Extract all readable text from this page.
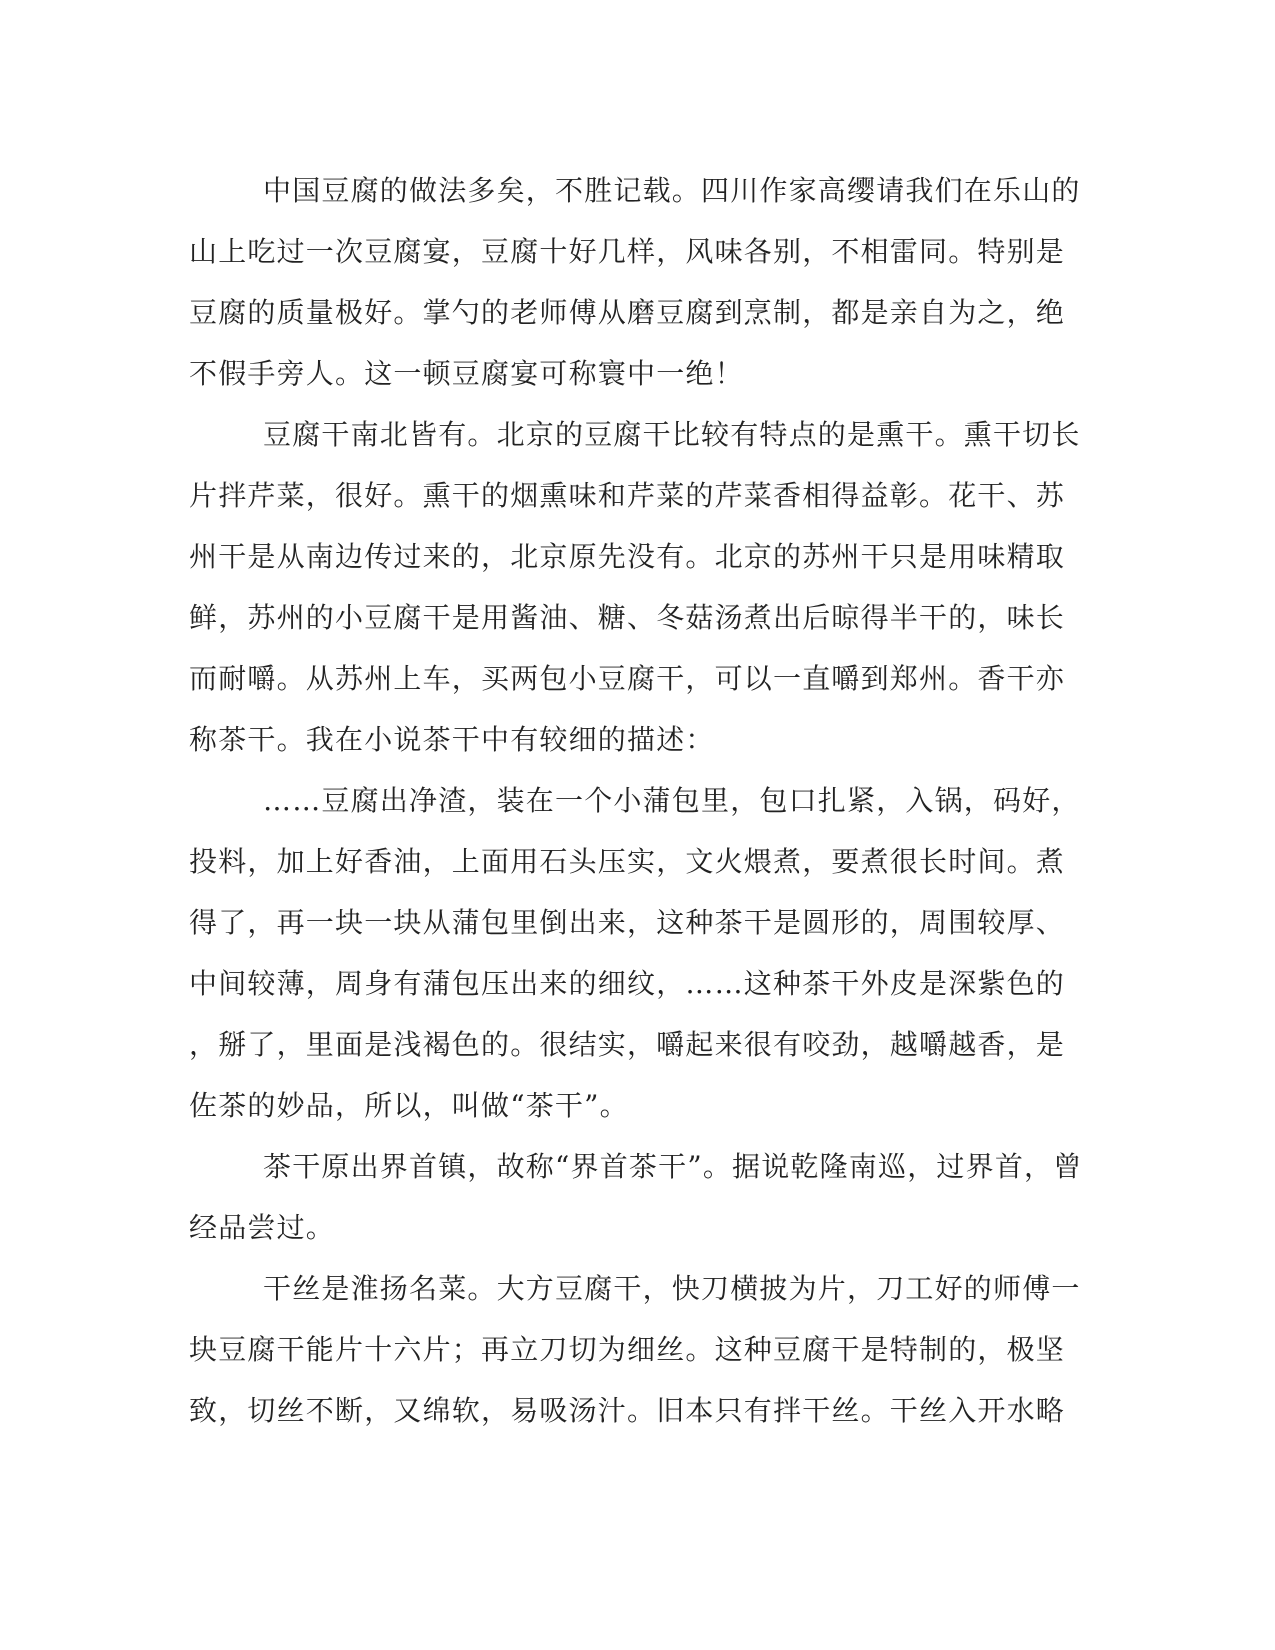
中国豆腐的做法多矣，不胜记载。四川作家高缨请我们在乐山的
山上吃过一次豆腐宴，豆腐十好几样，风味各别，不相雷同。特别是
豆腐的质量极好。掌勺的老师傅从磨豆腐到烹制，都是亲自为之，绝
不假手旁人。这一顿豆腐宴可称寰中一绝！
豆腐干南北皆有。北京的豆腐干比较有特点的是熏干。熏干切长
片拌芹菜，很好。熏干的烟熏味和芹菜的芹菜香相得益彰。花干、苏
州干是从南边传过来的，北京原先没有。北京的苏州干只是用味精取
鲜，苏州的小豆腐干是用酱油、糖、冬菇汤煮出后晾得半干的，味长
而耐嚼。从苏州上车，买两包小豆腐干，可以一直嚼到郑州。香干亦
称茶干。我在小说茶干中有较细的描述：
……豆腐出净渣，装在一个小蒲包里，包口扎紧，入锅，码好，
投料，加上好香油，上面用石头压实，文火煨煮，要煮很长时间。煮
得了，再一块一块从蒲包里倒出来，这种茶干是圆形的，周围较厚、
中间较薄，周身有蒲包压出来的细纹，……这种茶干外皮是深紫色的
，掰了，里面是浅褐色的。很结实，嚼起来很有咬劲，越嚼越香，是
佐茶的妙品，所以，叫做“茶干”。
茶干原出界首镇，故称“界首茶干”。据说乾隆南巡，过界首，曾
经品尝过。
干丝是淮扬名菜。大方豆腐干，快刀横披为片，刀工好的师傅一
块豆腐干能片十六片；再立刀切为细丝。这种豆腐干是特制的，极坚
致，切丝不断，又绵软，易吸汤汁。旧本只有拌干丝。干丝入开水略
